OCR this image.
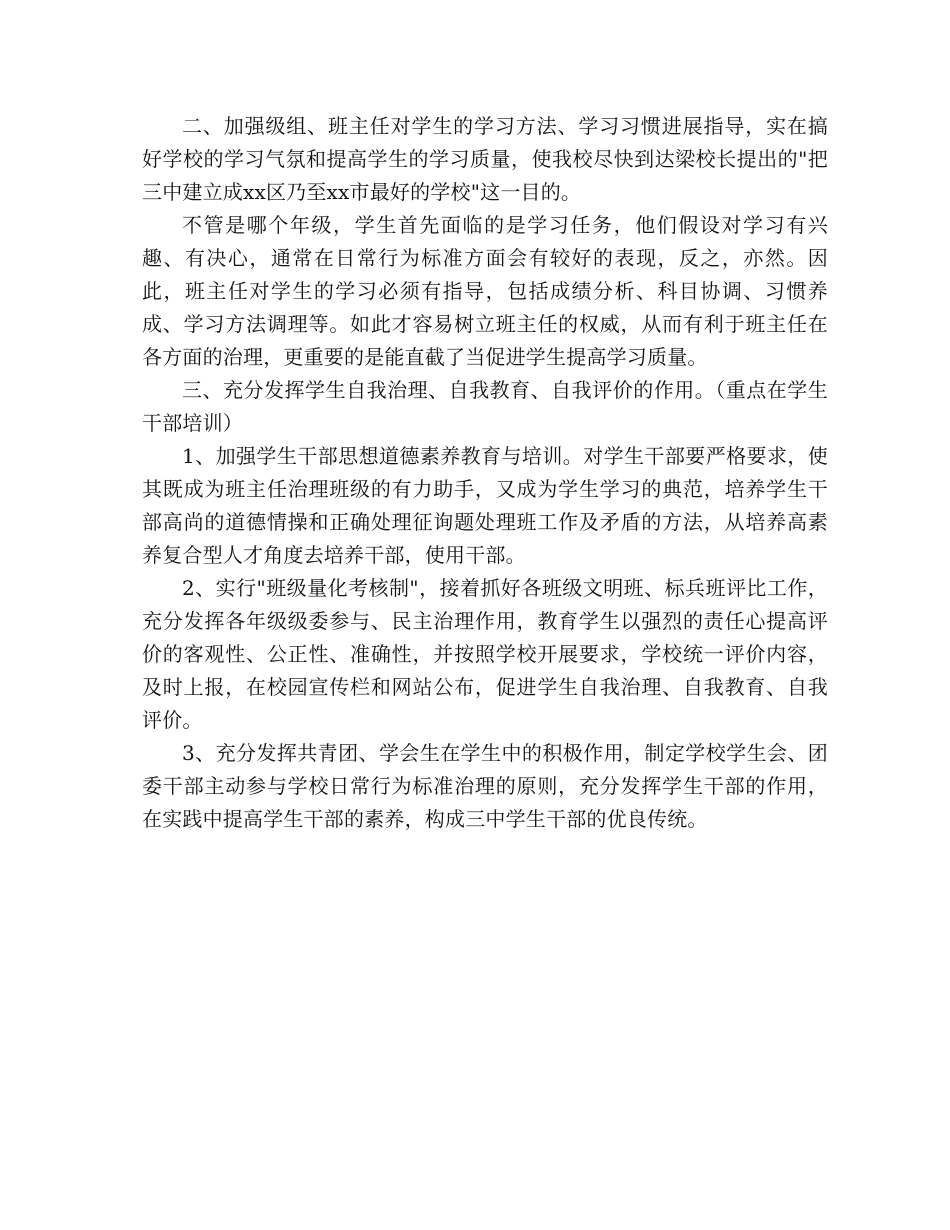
二、加强级组、班主任对学生的学习方法、学习习惯进展指导，实在搞好学校的学习气氛和提高学生的学习质量，使我校尽快到达梁校长提出的"把三中建立成xx区乃至xx市最好的学校"这一目的。

不管是哪个年级，学生首先面临的是学习任务，他们假设对学习有兴趣、有决心，通常在日常行为标准方面会有较好的表现，反之，亦然。因此，班主任对学生的学习必须有指导，包括成绩分析、科目协调、习惯养成、学习方法调理等。如此才容易树立班主任的权威，从而有利于班主任在各方面的治理，更重要的是能直截了当促进学生提高学习质量。

三、充分发挥学生自我治理、自我教育、自我评价的作用。（重点在学生干部培训）

1、加强学生干部思想道德素养教育与培训。对学生干部要严格要求，使其既成为班主任治理班级的有力助手，又成为学生学习的典范，培养学生干部高尚的道德情操和正确处理征询题处理班工作及矛盾的方法，从培养高素养复合型人才角度去培养干部，使用干部。

2、实行"班级量化考核制"，接着抓好各班级文明班、标兵班评比工作，充分发挥各年级级委参与、民主治理作用，教育学生以强烈的责任心提高评价的客观性、公正性、准确性，并按照学校开展要求，学校统一评价内容，及时上报，在校园宣传栏和网站公布，促进学生自我治理、自我教育、自我评价。

3、充分发挥共青团、学会生在学生中的积极作用，制定学校学生会、团委干部主动参与学校日常行为标准治理的原则，充分发挥学生干部的作用，在实践中提高学生干部的素养，构成三中学生干部的优良传统。
